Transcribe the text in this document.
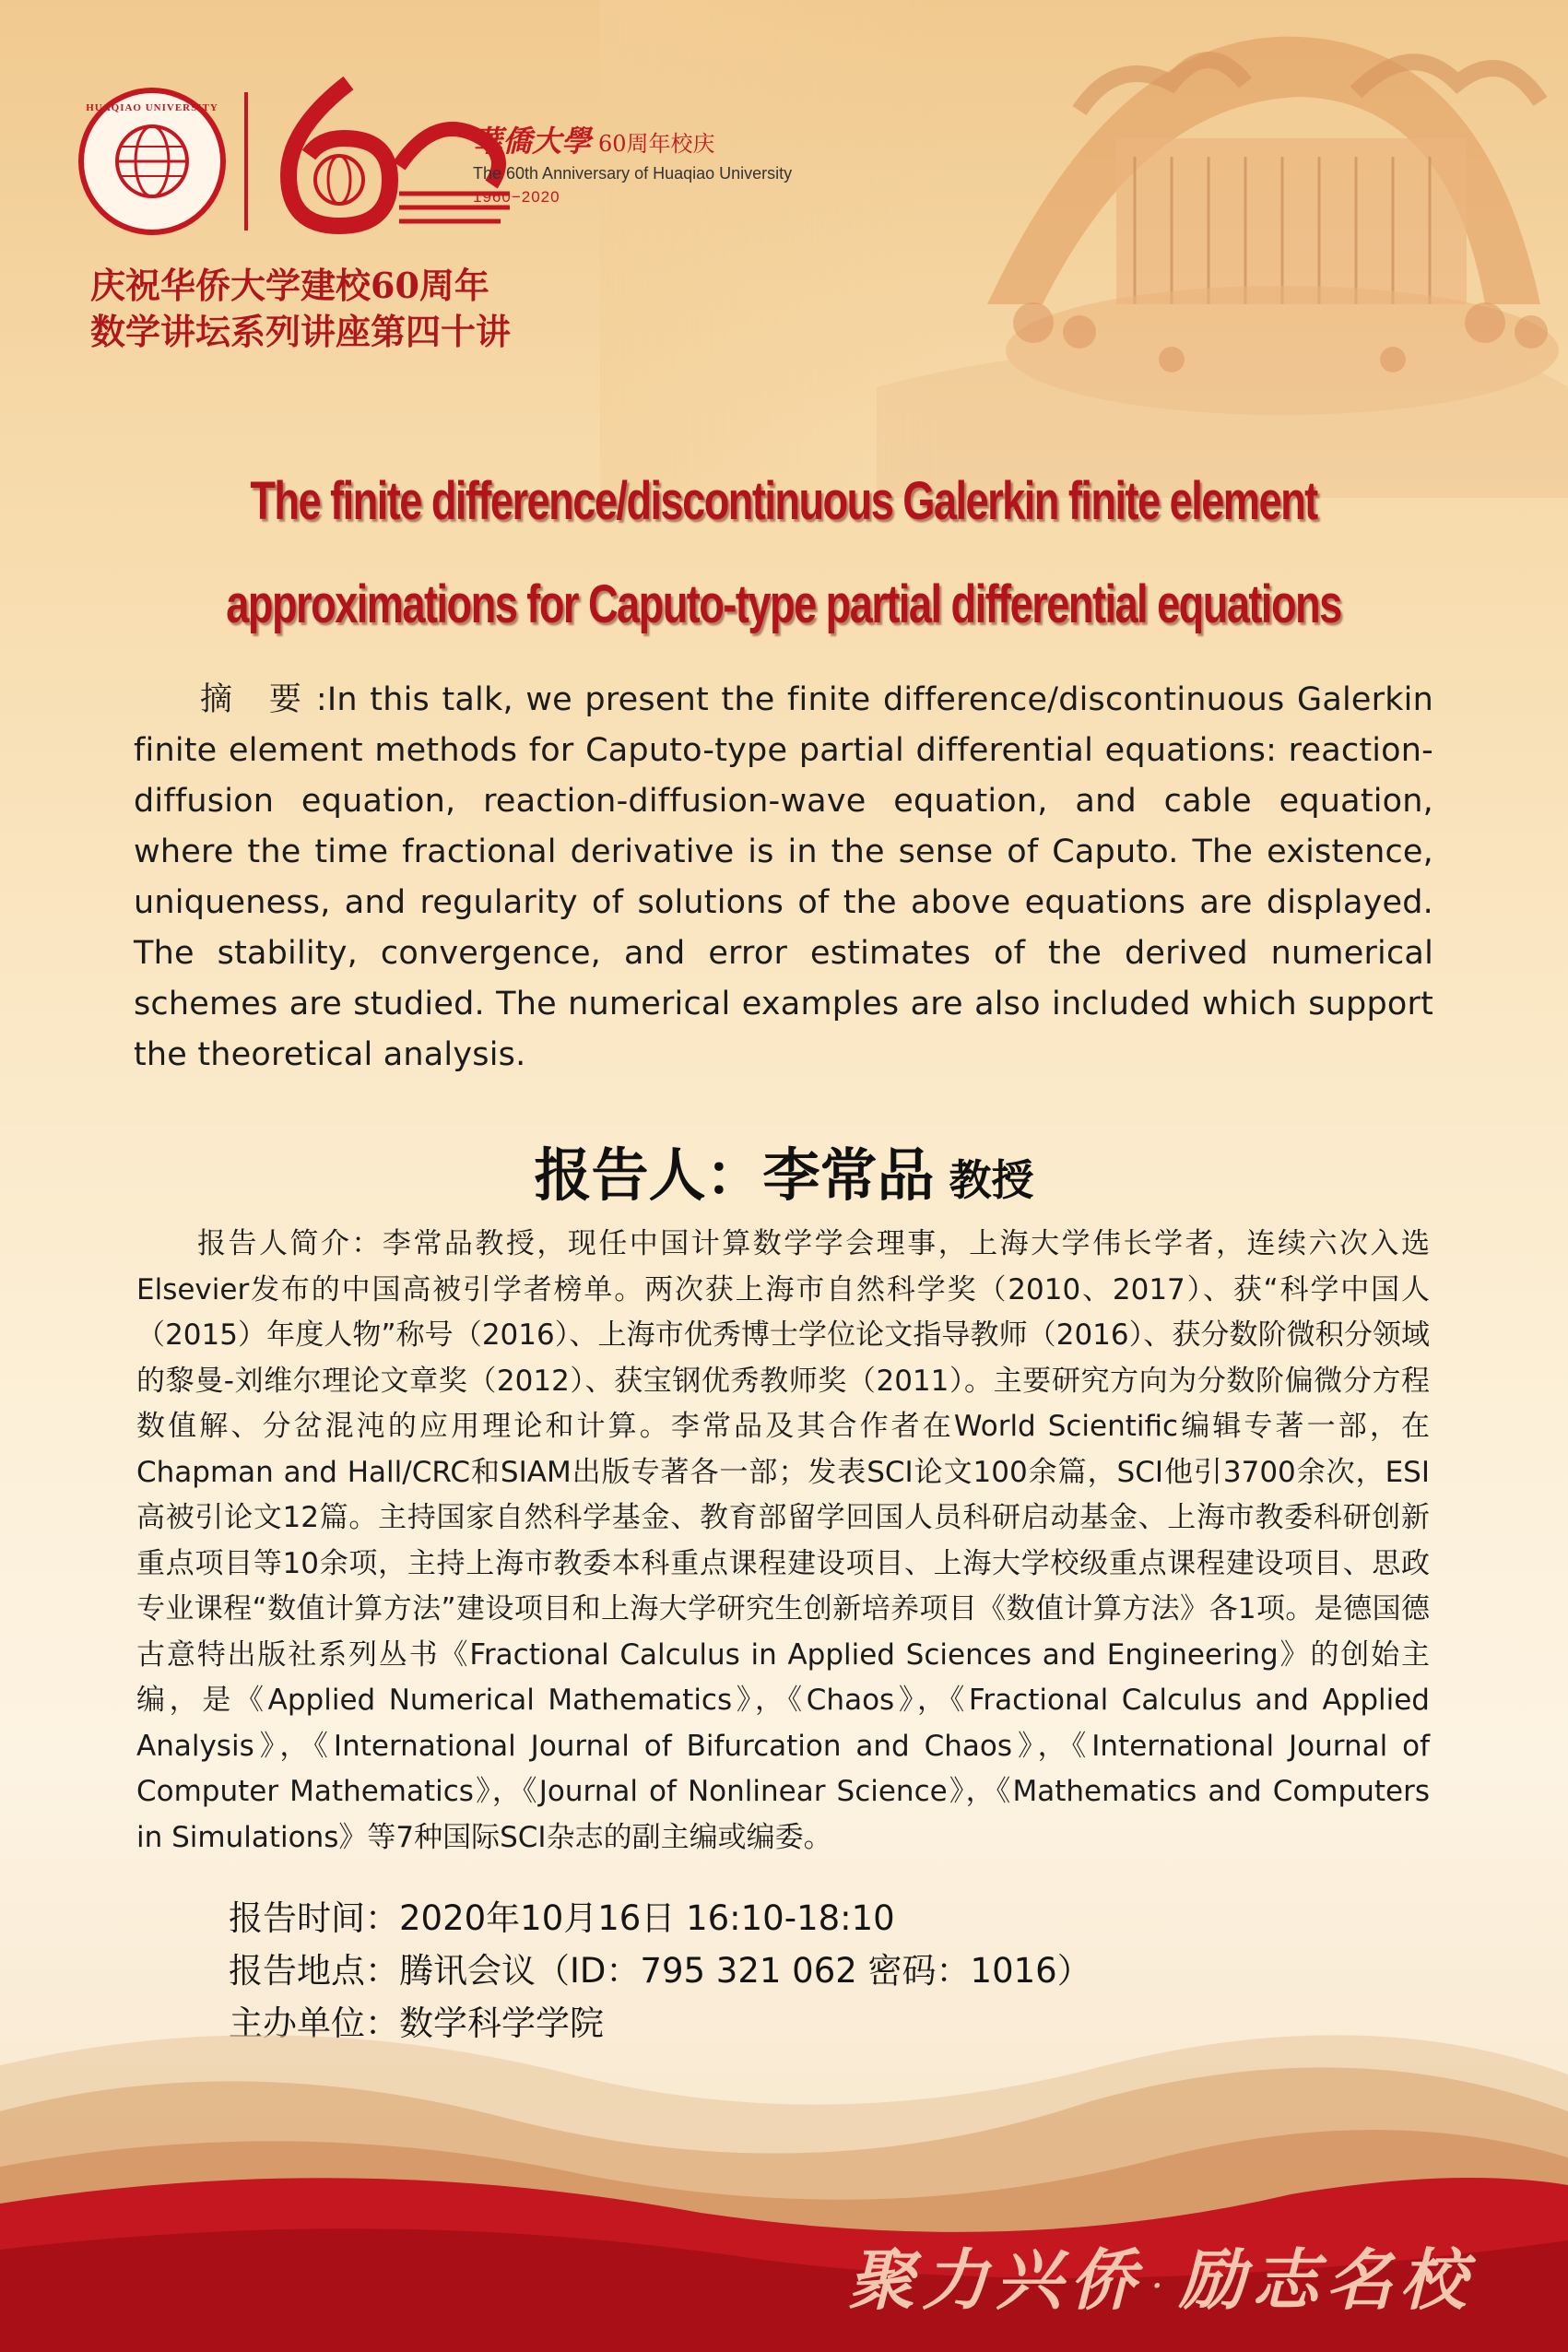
HUAQIAO UNIVERSITY
華僑大學 60周年校庆
The 60th Anniversary of Huaqiao University
1960−2020
庆祝华侨大学建校60周年
数学讲坛系列讲座第四十讲
The finite difference/discontinuous Galerkin finite element
approximations for Caputo-type partial differential equations
摘　要 :In this talk, we present the finite difference/discontinuous Galerkin finite element methods for Caputo-type partial differential equations: reaction-diffusion equation, reaction-diffusion-wave equation, and cable equation, where the time fractional derivative is in the sense of Caputo. The existence, uniqueness, and regularity of solutions of the above equations are displayed. The stability, convergence, and error estimates of the derived numerical schemes are studied. The numerical examples are also included which support the theoretical analysis.
报告人：李常品 教授
报告人简介：李常品教授，现任中国计算数学学会理事，上海大学伟长学者，连续六次入选Elsevier发布的中国高被引学者榜单。两次获上海市自然科学奖（2010、2017）、获“科学中国人（2015）年度人物”称号（2016）、上海市优秀博士学位论文指导教师（2016）、获分数阶微积分领域的黎曼-刘维尔理论文章奖（2012）、获宝钢优秀教师奖（2011）。主要研究方向为分数阶偏微分方程数值解、分岔混沌的应用理论和计算。李常品及其合作者在World Scientific编辑专著一部，在Chapman and Hall/CRC和SIAM出版专著各一部；发表SCI论文100余篇，SCI他引3700余次，ESI高被引论文12篇。主持国家自然科学基金、教育部留学回国人员科研启动基金、上海市教委科研创新重点项目等10余项，主持上海市教委本科重点课程建设项目、上海大学校级重点课程建设项目、思政专业课程“数值计算方法”建设项目和上海大学研究生创新培养项目《数值计算方法》各1项。是德国德古意特出版社系列丛书《Fractional Calculus in Applied Sciences and Engineering》的创始主编，是《Applied Numerical Mathematics》，《Chaos》，《Fractional Calculus and Applied Analysis》，《International Journal of Bifurcation and Chaos》，《International Journal of Computer Mathematics》，《Journal of Nonlinear Science》，《Mathematics and Computers in Simulations》等7种国际SCI杂志的副主编或编委。
报告时间：2020年10月16日 16:10-18:10
报告地点：腾讯会议（ID：795 321 062 密码：1016）
主办单位：数学科学学院
聚力兴侨 · 励志名校
